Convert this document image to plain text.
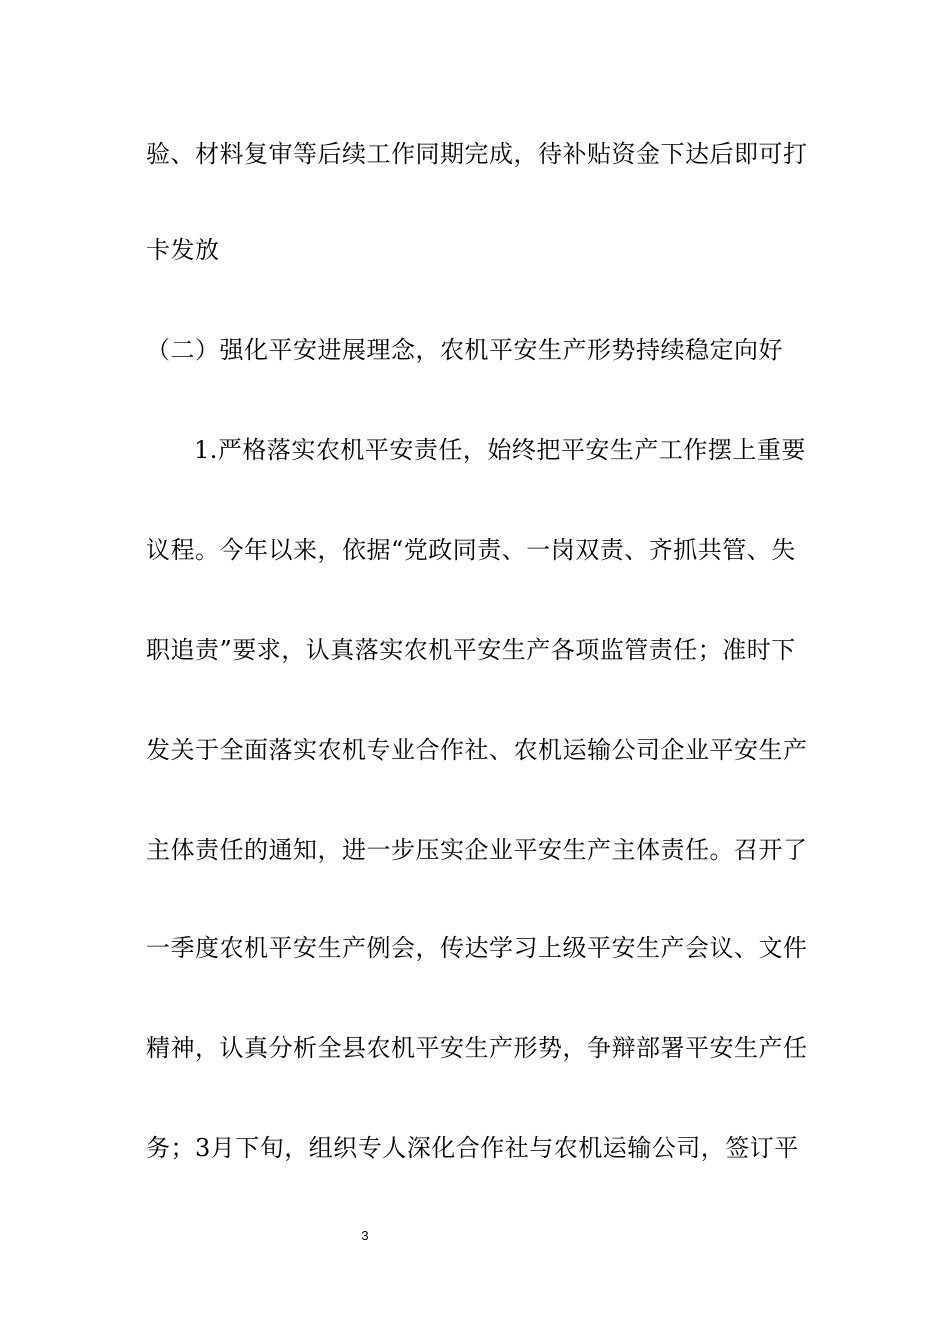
验、材料复审等后续工作同期完成，待补贴资金下达后即可打
卡发放
（二）强化平安进展理念，农机平安生产形势持续稳定向好
1.严格落实农机平安责任，始终把平安生产工作摆上重要
议程。今年以来，依据“党政同责、一岗双责、齐抓共管、失
职追责”要求，认真落实农机平安生产各项监管责任；准时下
发关于全面落实农机专业合作社、农机运输公司企业平安生产
主体责任的通知，进一步压实企业平安生产主体责任。召开了
一季度农机平安生产例会，传达学习上级平安生产会议、文件
精神，认真分析全县农机平安生产形势，争辩部署平安生产任
务；3月下旬，组织专人深化合作社与农机运输公司，签订平
3
